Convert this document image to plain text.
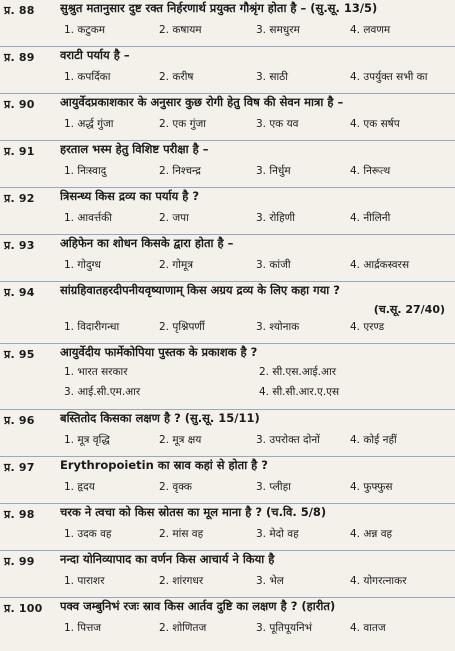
प्र. 88 सुश्रुत मतानुसार दुष्ट रक्त निर्हरणार्थ प्रयुक्त गौश्रृंग होता है – (सु.सू. 13/5)
1. कटुकम	2. कषायम	3. समधुरम	4. लवणम
प्र. 89 वराटी पर्याय है –
1. कपर्दिका	2. करीष	3. साठी	4. उपर्युक्त सभी का
प्र. 90 आयुर्वेदप्रकाशकार के अनुसार कुछ रोगी हेतु विष की सेवन मात्रा है –
1. अर्द्ध गुंजा	2. एक गुंजा	3. एक यव	4. एक सर्षप
प्र. 91 हरताल भस्म हेतु विशिष्ट परीक्षा है –
1. निःस्वादु	2. निश्चन्द्र	3. निर्धुम	4. निरूत्थ
प्र. 92 त्रिसन्ध्य किस द्रव्य का पर्याय है ?
1. आवर्त्तकी	2. जपा	3. रोहिणी	4. नीलिनी
प्र. 93 अहिफेन का शोधन किसके द्वारा होता है –
1. गोदुग्ध	2. गोमूत्र	3. कांजी	4. आर्द्रकस्वरस
प्र. 94 सांग्रहिवातहरदीपनीयवृष्याणाम् किस अग्रय द्रव्य के लिए कहा गया ?
(च.सू. 27/40)
1. विदारीगन्धा	2. पृश्निपर्णी	3. श्योनाक	4. एरण्ड
प्र. 95 आयुर्वेदीय फार्मेकोपिया पुस्तक के प्रकाशक है ?
1. भारत सरकार	2. सी.एस.आई.आर
3. आई.सी.एम.आर	4. सी.सी.आर.ए.एस
प्र. 96 बस्तितोद किसका लक्षण है ? (सु.सू. 15/11)
1. मूत्र वृद्धि	2. मूत्र क्षय	3. उपरोक्त दोनों	4. कोई नहीं
प्र. 97 Erythropoietin का स्राव कहां से होता है ?
1. हृदय	2. वृक्क	3. प्लीहा	4. फुफ्फुस
प्र. 98 चरक ने त्वचा को किस स्रोतस का मूल माना है ? (च.वि. 5/8)
1. उदक वह	2. मांस वह	3. मेदो वह	4. अन्न वह
प्र. 99 नन्दा योनिव्यापाद का वर्णन किस आचार्य ने किया है
1. पाराशर	2. शांरगधर	3. भेल	4. योगरत्नाकर
प्र. 100 पक्व जम्बुनिभं रजः स्राव किस आर्तव दुष्टि का लक्षण है ? (हारीत)
1. पित्तज	2. शोणितज	3. पूतिपूयनिभं	4. वातज
